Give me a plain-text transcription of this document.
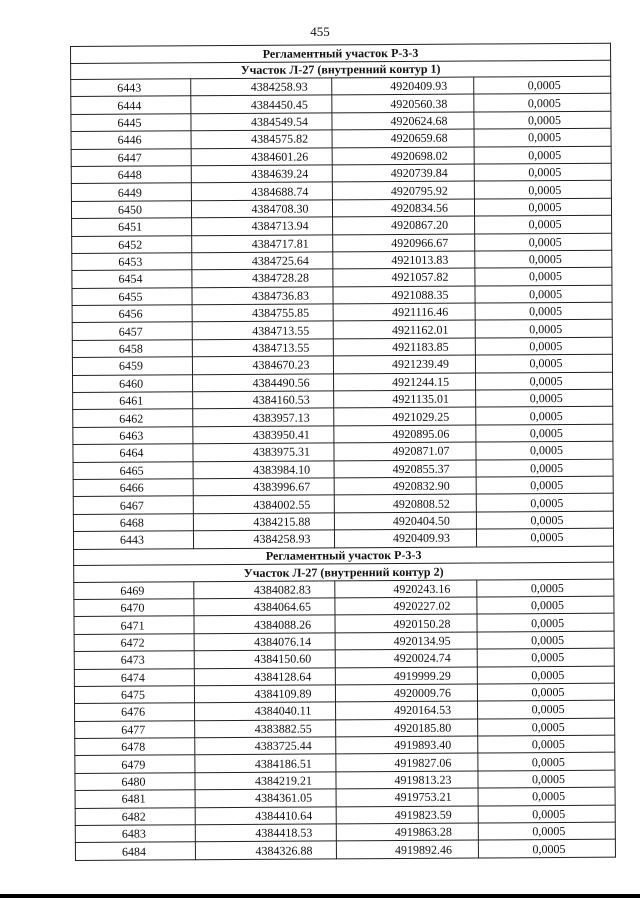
455
Регламентный участок Р-3-3			
Участок Л-27 (внутренний контур 1)			
6443	4384258.93	4920409.93	0,0005
6444	4384450.45	4920560.38	0,0005
6445	4384549.54	4920624.68	0,0005
6446	4384575.82	4920659.68	0,0005
6447	4384601.26	4920698.02	0,0005
6448	4384639.24	4920739.84	0,0005
6449	4384688.74	4920795.92	0,0005
6450	4384708.30	4920834.56	0,0005
6451	4384713.94	4920867.20	0,0005
6452	4384717.81	4920966.67	0,0005
6453	4384725.64	4921013.83	0,0005
6454	4384728.28	4921057.82	0,0005
6455	4384736.83	4921088.35	0,0005
6456	4384755.85	4921116.46	0,0005
6457	4384713.55	4921162.01	0,0005
6458	4384713.55	4921183.85	0,0005
6459	4384670.23	4921239.49	0,0005
6460	4384490.56	4921244.15	0,0005
6461	4384160.53	4921135.01	0,0005
6462	4383957.13	4921029.25	0,0005
6463	4383950.41	4920895.06	0,0005
6464	4383975.31	4920871.07	0,0005
6465	4383984.10	4920855.37	0,0005
6466	4383996.67	4920832.90	0,0005
6467	4384002.55	4920808.52	0,0005
6468	4384215.88	4920404.50	0,0005
6443	4384258.93	4920409.93	0,0005
Регламентный участок Р-3-3			
Участок Л-27 (внутренний контур 2)			
6469	4384082.83	4920243.16	0,0005
6470	4384064.65	4920227.02	0,0005
6471	4384088.26	4920150.28	0,0005
6472	4384076.14	4920134.95	0,0005
6473	4384150.60	4920024.74	0,0005
6474	4384128.64	4919999.29	0,0005
6475	4384109.89	4920009.76	0,0005
6476	4384040.11	4920164.53	0,0005
6477	4383882.55	4920185.80	0,0005
6478	4383725.44	4919893.40	0,0005
6479	4384186.51	4919827.06	0,0005
6480	4384219.21	4919813.23	0,0005
6481	4384361.05	4919753.21	0,0005
6482	4384410.64	4919823.59	0,0005
6483	4384418.53	4919863.28	0,0005
6484	4384326.88	4919892.46	0,0005
